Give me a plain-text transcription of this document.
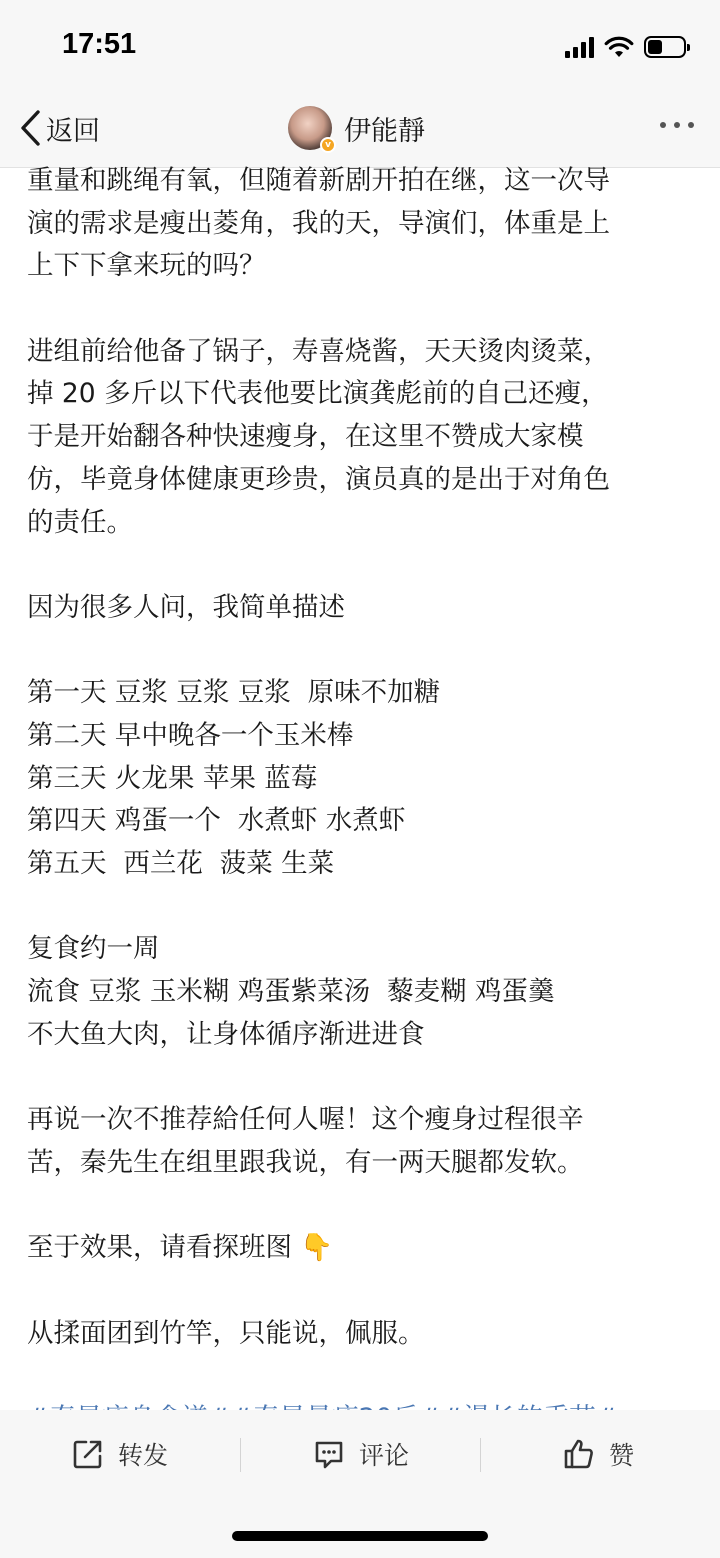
17:51
返回	v 伊能靜
重量和跳绳有氧，但随着新剧开拍在继，这一次导
演的需求是瘦出菱角，我的天，导演们，体重是上
上下下拿来玩的吗？
进组前给他备了锅子，寿喜烧酱，天天烫肉烫菜，
掉 20 多斤以下代表他要比演龚彪前的自己还瘦，
于是开始翻各种快速瘦身，在这里不赞成大家模
仿，毕竟身体健康更珍贵，演员真的是出于对角色
的责任。
因为很多人问，我简单描述
第一天 豆浆 豆浆 豆浆  原味不加糖
第二天 早中晚各一个玉米棒
第三天 火龙果 苹果 蓝莓
第四天 鸡蛋一个  水煮虾 水煮虾
第五天  西兰花  菠菜 生菜
复食约一周
流食 豆浆 玉米糊 鸡蛋紫菜汤  藜麦糊 鸡蛋羹
不大鱼大肉，让身体循序渐进进食
再说一次不推荐給任何人喔！这个瘦身过程很辛
苦，秦先生在组里跟我说，有一两天腿都发软。
至于效果，请看探班图 👇
从揉面团到竹竿，只能说，佩服。
转发	评论	赞
